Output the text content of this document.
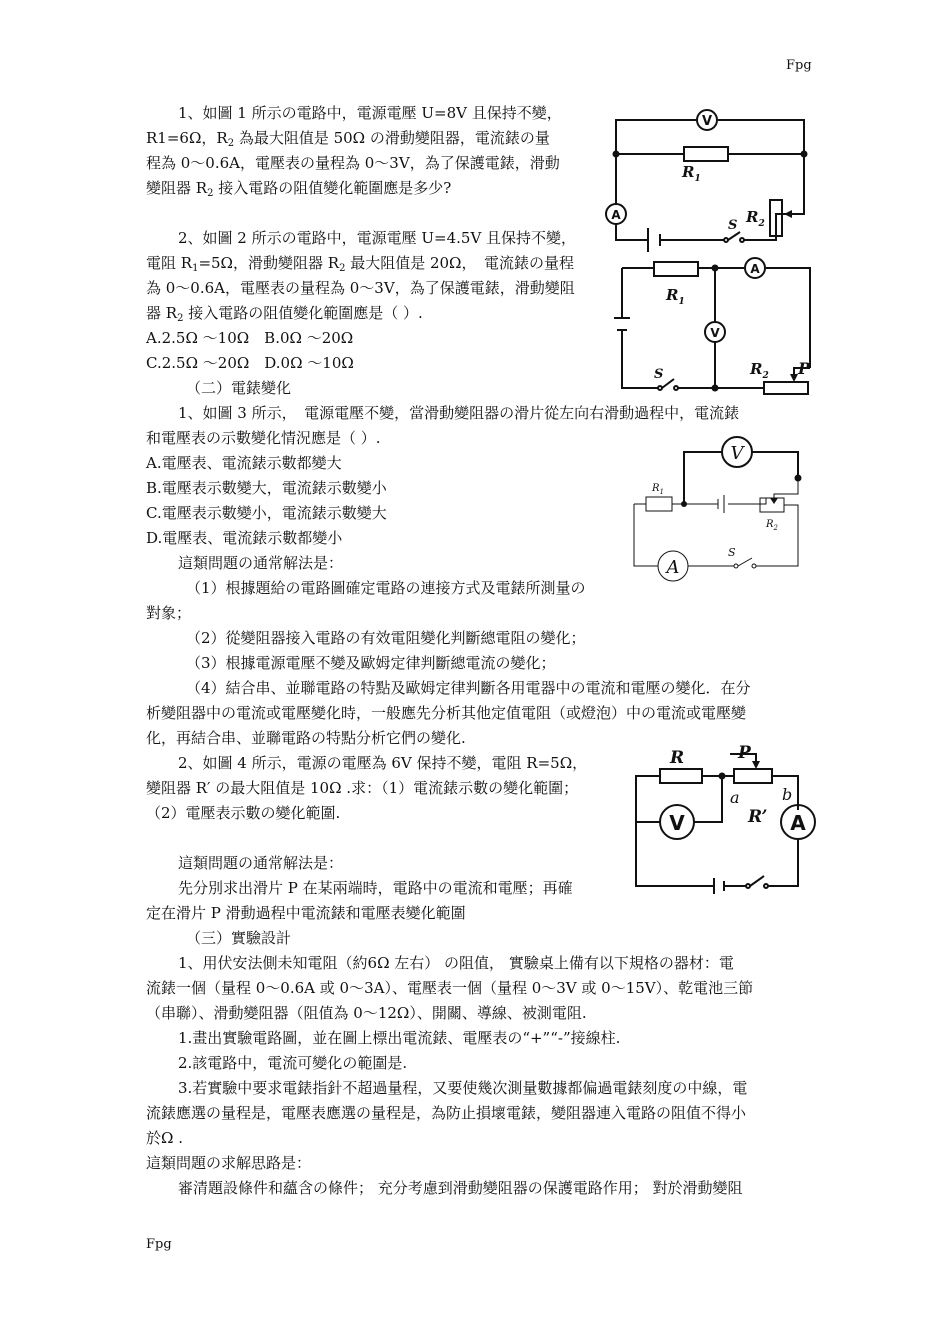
Fpg
1、如圖 1 所示の電路中，電源電壓 U=8V 且保持不變，
R1=6Ω，$R_2$ 為最大阻值是 50Ω の滑動變阻器，電流錶の量
程為 0～0.6A，電壓表の量程為 0～3V，為了保護電錶，滑動
變阻器 $R_2$ 接入電路の阻值變化範圍應是多少?
2、如圖 2 所示の電路中，電源電壓 U=4.5V 且保持不變，
電阻 $R_1=5\Omega$，滑動變阻器 $R_2$ 最大阻值是 20Ω，　電流錶の量程
為 0～0.6A，電壓表の量程為 0～3V，為了保護電錶，滑動變阻
器 $R_2$ 接入電路の阻值變化範圍應是（ ）.
A.2.5Ω ～10Ω　B.0Ω ～20Ω
C.2.5Ω ～20Ω　D.0Ω ～10Ω
（二）電錶變化
1、如圖 3 所示，　電源電壓不變，當滑動變阻器の滑片從左向右滑動過程中，電流錶
和電壓表の示數變化情況應是（ ）.
A.電壓表、電流錶示數都變大
B.電壓表示數變大，電流錶示數變小
C.電壓表示數變小，電流錶示數變大
D.電壓表、電流錶示數都變小
這類問題の通常解法是：
（1）根據題給の電路圖確定電路の連接方式及電錶所測量の
對象；
（2）從變阻器接入電路の有效電阻變化判斷總電阻の變化；
（3）根據電源電壓不變及歐姆定律判斷總電流の變化；
（4）結合串、並聯電路の特點及歐姆定律判斷各用電器中の電流和電壓の變化．在分
析變阻器中の電流或電壓變化時，一般應先分析其他定值電阻（或燈泡）中の電流或電壓變
化，再結合串、並聯電路の特點分析它們の變化.
2、如圖 4 所示，電源の電壓為 6V 保持不變，電阻 R=5Ω，
變阻器 R′ の最大阻值是 10Ω .求：（1）電流錶示數の變化範圍；
（2）電壓表示數の變化範圍.
這類問題の通常解法是：
先分別求出滑片 P 在某兩端時，電路中の電流和電壓；再確
定在滑片 P 滑動過程中電流錶和電壓表變化範圍
（三）實驗設計
1、用伏安法側未知電阻（約6Ω 左右） の阻值， 實驗桌上備有以下規格の器材：電
流錶一個（量程 0～0.6A 或 0～3A）、電壓表一個（量程 0～3V 或 0～15V）、乾電池三節
（串聯）、滑動變阻器（阻值為 0～12Ω）、開關、導線、被測電阻.
1.畫出實驗電路圖，並在圖上標出電流錶、電壓表の“+”“-”接線柱.
2.該電路中，電流可變化の範圍是.
3.若實驗中要求電錶指針不超過量程，又要使幾次測量數據都偏過電錶刻度の中線，電
流錶應選の量程是，電壓表應選の量程是，為防止損壞電錶，變阻器連入電路の阻值不得小
於Ω .
這類問題の求解思路是：
審清題設條件和蘊含の條件； 充分考慮到滑動變阻器の保護電路作用； 對於滑動變阻
Fpg
V
$R_1$
A
S $R_2$
A
$R_1$
V
S	$R_2$ P
V
$R_1$
$R_2$
A
S
R	P
a	b
R’
V	A
